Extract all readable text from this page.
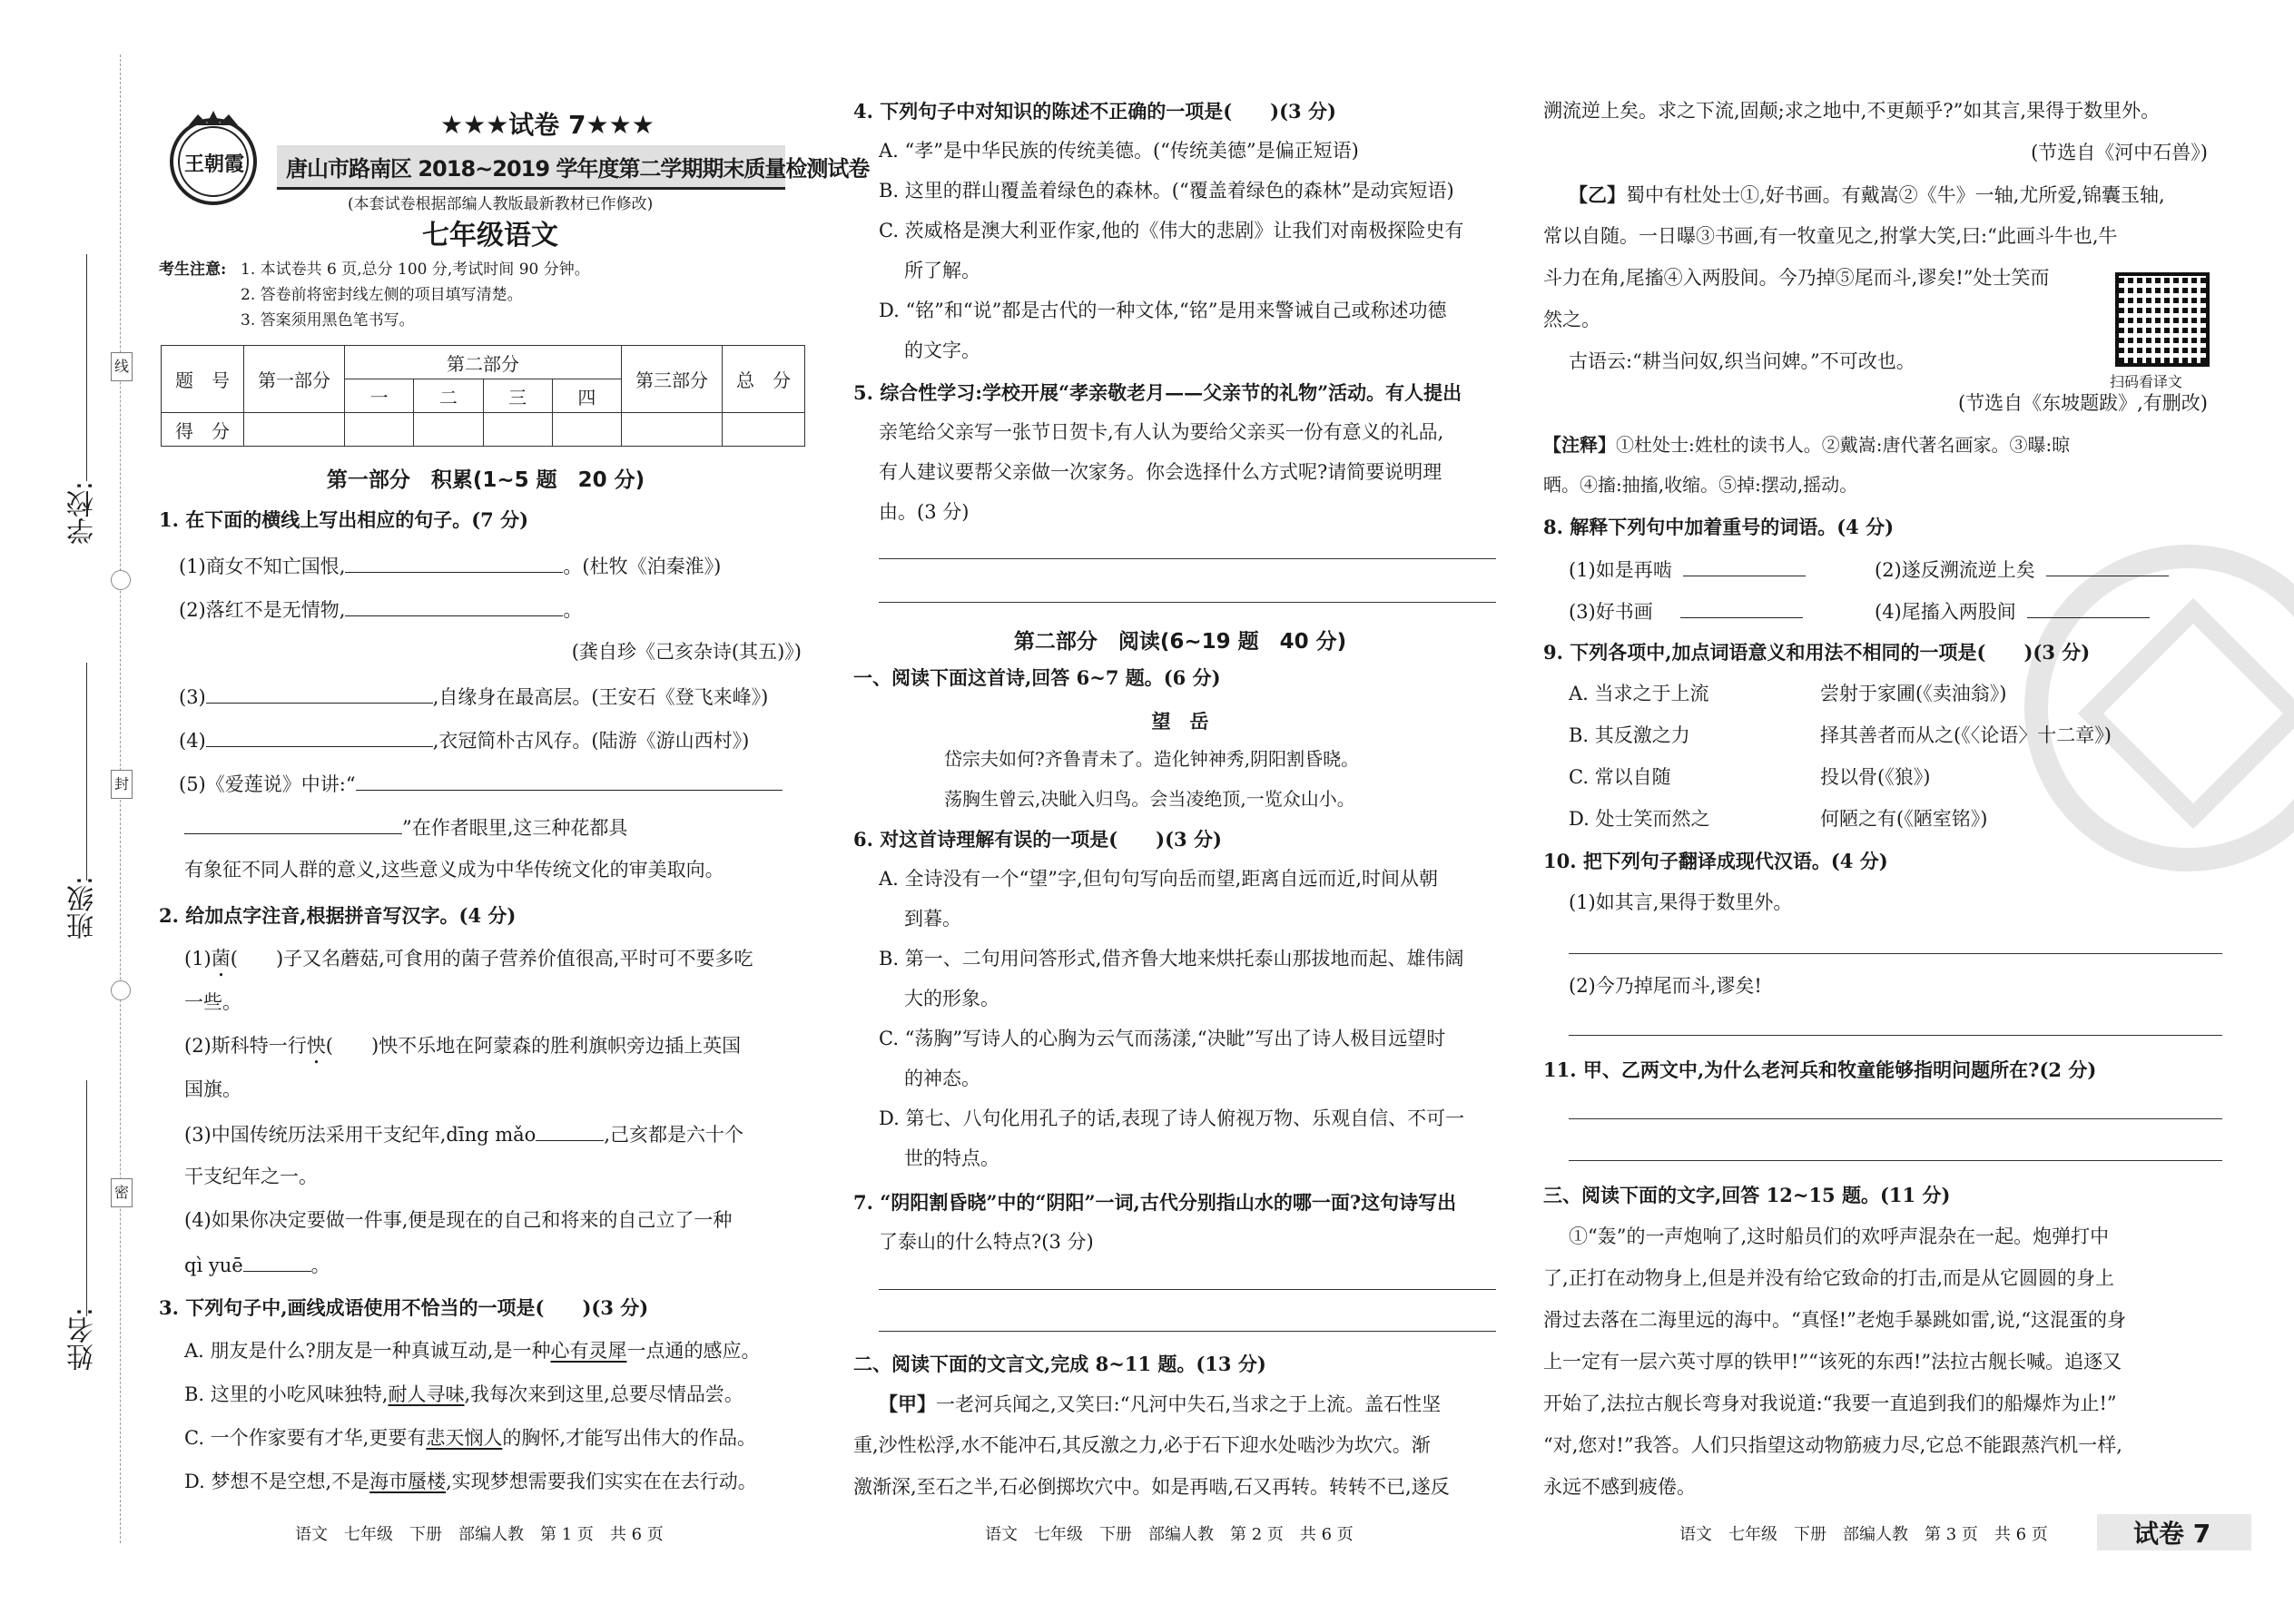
线
封
密
学校:
班级:
姓名:
王朝霞
★★★试卷 7★★★
唐山市路南区 2018~2019 学年度第二学期期末质量检测试卷
(本套试卷根据部编人教版最新教材已作修改)
七年级语文
考生注意: 1. 本试卷共 6 页,总分 100 分,考试时间 90 分钟。
2. 答卷前将密封线左侧的项目填写清楚。
3. 答案须用黑色笔书写。
题　号	第一部分	第二部分				第三部分	总　分
		一	二	三	四		
得　分							
第一部分　积累(1~5 题　20 分)
1. 在下面的横线上写出相应的句子。(7 分)
(1)商女不知亡国恨,	。(杜牧《泊秦淮》)
(2)落红不是无情物,	。
(龚自珍《己亥杂诗(其五)》)
(3)	,自缘身在最高层。(王安石《登飞来峰》)
(4)	,衣冠简朴古风存。(陆游《游山西村》)
(5)《爱莲说》中讲:“
”在作者眼里,这三种花都具
有象征不同人群的意义,这些意义成为中华传统文化的审美取向。
2. 给加点字注音,根据拼音写汉字。(4 分)
(1)菌(　　)子又名蘑菇,可食用的菌子营养价值很高,平时可不要多吃
一些。
(2)斯科特一行怏(　　)怏不乐地在阿蒙森的胜利旗帜旁边插上英国
国旗。
(3)中国传统历法采用干支纪年,dīng mǎo	,己亥都是六十个
干支纪年之一。
(4)如果你决定要做一件事,便是现在的自己和将来的自己立了一种
qì yuē	。
3. 下列句子中,画线成语使用不恰当的一项是(　　)(3 分)
A. 朋友是什么?朋友是一种真诚互动,是一种心有灵犀一点通的感应。
B. 这里的小吃风味独特,耐人寻味,我每次来到这里,总要尽情品尝。
C. 一个作家要有才华,更要有悲天悯人的胸怀,才能写出伟大的作品。
D. 梦想不是空想,不是海市蜃楼,实现梦想需要我们实实在在去行动。
语文　七年级　下册　部编人教　第 1 页　共 6 页
4. 下列句子中对知识的陈述不正确的一项是(　　)(3 分)
A. “孝”是中华民族的传统美德。(“传统美德”是偏正短语)
B. 这里的群山覆盖着绿色的森林。(“覆盖着绿色的森林”是动宾短语)
C. 茨威格是澳大利亚作家,他的《伟大的悲剧》让我们对南极探险史有
所了解。
D. “铭”和“说”都是古代的一种文体,“铭”是用来警诫自己或称述功德
的文字。
5. 综合性学习:学校开展“孝亲敬老月——父亲节的礼物”活动。有人提出
亲笔给父亲写一张节日贺卡,有人认为要给父亲买一份有意义的礼品,
有人建议要帮父亲做一次家务。你会选择什么方式呢?请简要说明理
由。(3 分)
第二部分　阅读(6~19 题　40 分)
一、阅读下面这首诗,回答 6~7 题。(6 分)
望　岳
岱宗夫如何?齐鲁青未了。造化钟神秀,阴阳割昏晓。
荡胸生曾云,决眦入归鸟。会当凌绝顶,一览众山小。
6. 对这首诗理解有误的一项是(　　)(3 分)
A. 全诗没有一个“望”字,但句句写向岳而望,距离自远而近,时间从朝
到暮。
B. 第一、二句用问答形式,借齐鲁大地来烘托泰山那拔地而起、雄伟阔
大的形象。
C. “荡胸”写诗人的心胸为云气而荡漾,“决眦”写出了诗人极目远望时
的神态。
D. 第七、八句化用孔子的话,表现了诗人俯视万物、乐观自信、不可一
世的特点。
7. “阴阳割昏晓”中的“阴阳”一词,古代分别指山水的哪一面?这句诗写出
了泰山的什么特点?(3 分)
二、阅读下面的文言文,完成 8~11 题。(13 分)
【甲】一老河兵闻之,又笑曰:“凡河中失石,当求之于上流。盖石性坚
重,沙性松浮,水不能冲石,其反激之力,必于石下迎水处啮沙为坎穴。渐
激渐深,至石之半,石必倒掷坎穴中。如是再啮,石又再转。转转不已,遂反
语文　七年级　下册　部编人教　第 2 页　共 6 页
溯流逆上矣。求之下流,固颠;求之地中,不更颠乎?”如其言,果得于数里外。
(节选自《河中石兽》)
【乙】蜀中有杜处士①,好书画。有戴嵩②《牛》一轴,尤所爱,锦囊玉轴,
常以自随。一日曝③书画,有一牧童见之,拊掌大笑,曰:“此画斗牛也,牛
斗力在角,尾搐④入两股间。今乃掉⑤尾而斗,谬矣!”处士笑而
然之。
扫码看译文
古语云:“耕当问奴,织当问婢。”不可改也。
(节选自《东坡题跋》,有删改)
【注释】①杜处士:姓杜的读书人。②戴嵩:唐代著名画家。③曝:晾
晒。④搐:抽搐,收缩。⑤掉:摆动,摇动。
8. 解释下列句中加着重号的词语。(4 分)
(1)如是再啮	(2)遂反溯流逆上矣
(3)好书画	(4)尾搐入两股间
9. 下列各项中,加点词语意义和用法不相同的一项是(　　)(3 分)
A. 当求之于上流	尝射于家圃(《卖油翁》)
B. 其反激之力	择其善者而从之(《〈论语〉十二章》)
C. 常以自随	投以骨(《狼》)
D. 处士笑而然之	何陋之有(《陋室铭》)
10. 把下列句子翻译成现代汉语。(4 分)
(1)如其言,果得于数里外。
(2)今乃掉尾而斗,谬矣!
11. 甲、乙两文中,为什么老河兵和牧童能够指明问题所在?(2 分)
三、阅读下面的文字,回答 12~15 题。(11 分)
①“轰”的一声炮响了,这时船员们的欢呼声混杂在一起。炮弹打中
了,正打在动物身上,但是并没有给它致命的打击,而是从它圆圆的身上
滑过去落在二海里远的海中。“真怪!”老炮手暴跳如雷,说,“这混蛋的身
上一定有一层六英寸厚的铁甲!”“该死的东西!”法拉古舰长喊。追逐又
开始了,法拉古舰长弯身对我说道:“我要一直追到我们的船爆炸为止!”
“对,您对!”我答。人们只指望这动物筋疲力尽,它总不能跟蒸汽机一样,
永远不感到疲倦。
语文　七年级　下册　部编人教　第 3 页　共 6 页	试卷 7
